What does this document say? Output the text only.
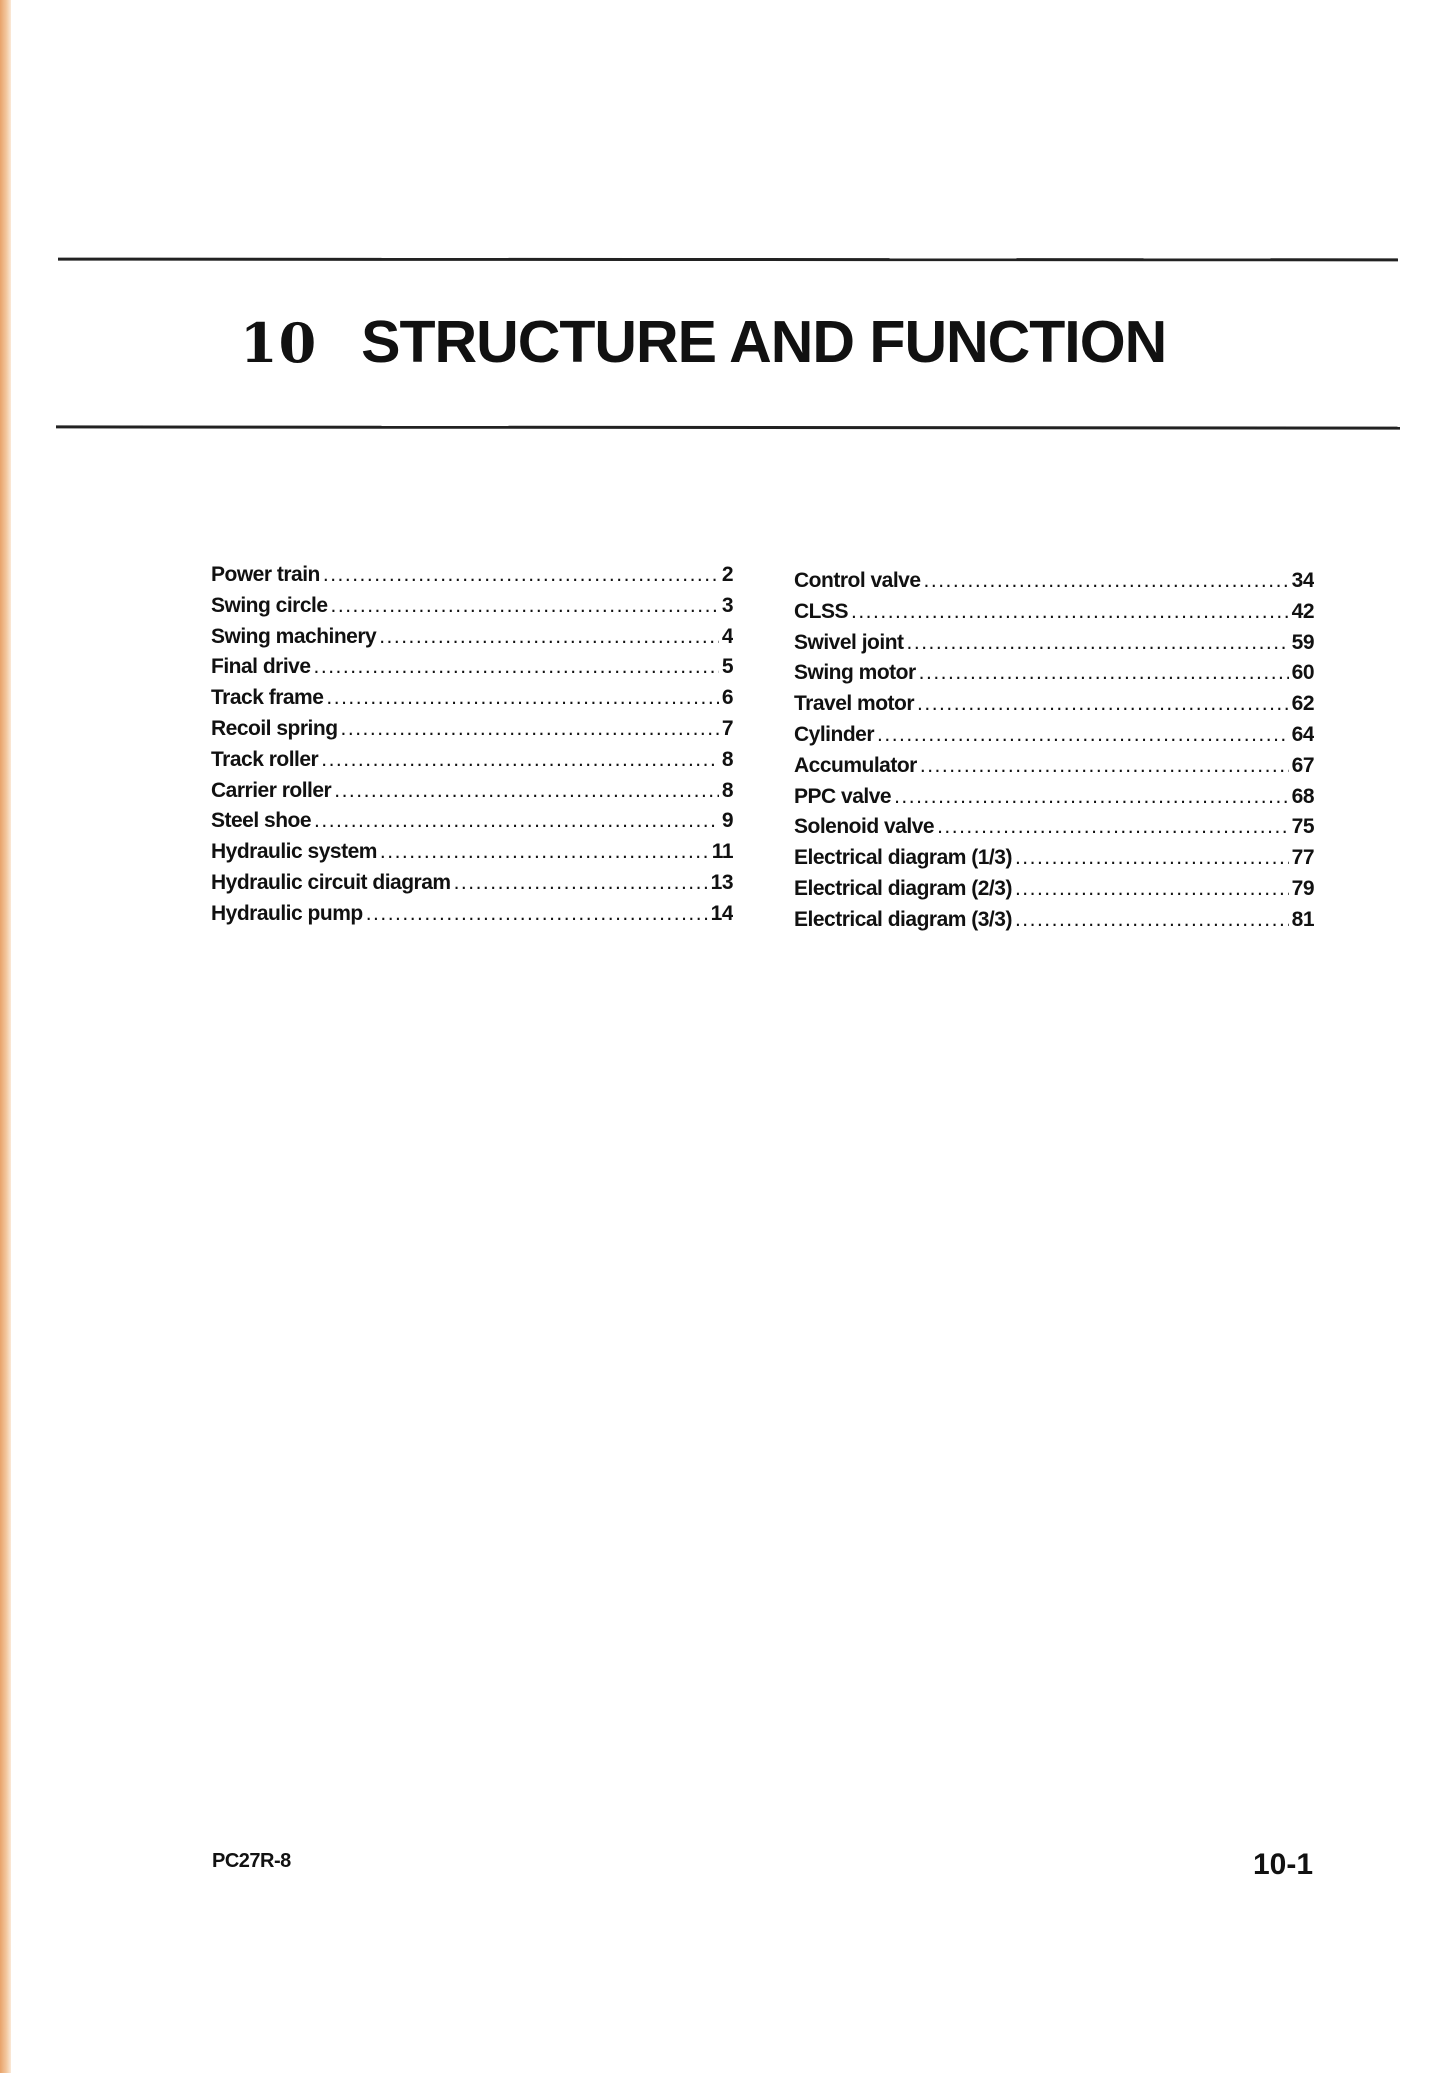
10 STRUCTURE AND FUNCTION
Power train .....	2
Swing circle .....	3
Swing machinery .....	4
Final drive .....	5
Track frame .....	6
Recoil spring .....	7
Track roller .....	8
Carrier roller .....	8
Steel shoe .....	9
Hydraulic system .....	11
Hydraulic circuit diagram .....	13
Hydraulic pump .....	14
Control valve .....	34
CLSS .....	42
Swivel joint .....	59
Swing motor .....	60
Travel motor .....	62
Cylinder .....	64
Accumulator .....	67
PPC valve .....	68
Solenoid valve .....	75
Electrical diagram (1/3) .....	77
Electrical diagram (2/3) .....	79
Electrical diagram (3/3) .....	81
PC27R-8	10-1
